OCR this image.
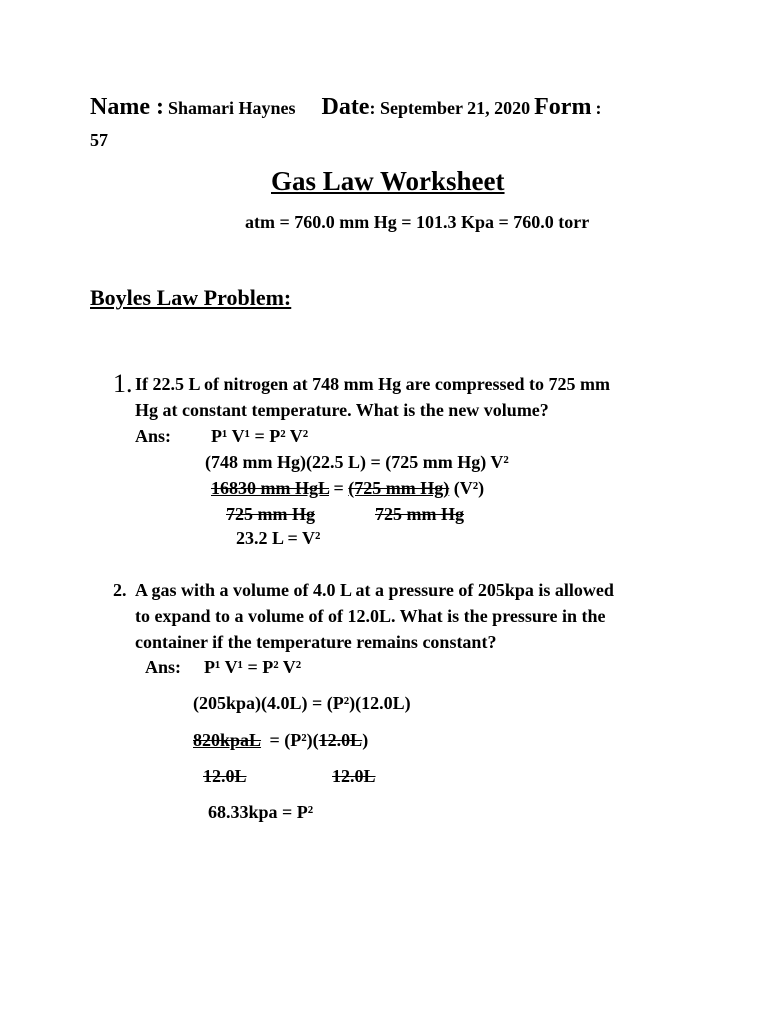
Name : Shamari Haynes Date: September 21, 2020 Form :
57
Gas Law Worksheet
atm = 760.0 mm Hg = 101.3 Kpa = 760.0 torr
Boyles Law Problem:
1. If 22.5 L of nitrogen at 748 mm Hg are compressed to 725 mm
Hg at constant temperature. What is the new volume?
Ans: P¹ V¹ = P² V²
(748 mm Hg)(22.5 L) = (725 mm Hg) V²
16830 mm HgL = (725 mm Hg) (V²)
725 mm Hg	725 mm Hg
23.2 L = V²
2. A gas with a volume of 4.0 L at a pressure of 205kpa is allowed
to expand to a volume of of 12.0L. What is the pressure in the
container if the temperature remains constant?
Ans: P¹ V¹ = P² V²
(205kpa)(4.0L) = (P²)(12.0L)
820kpaL = (P²)(12.0L)
12.0L	12.0L
68.33kpa = P²
